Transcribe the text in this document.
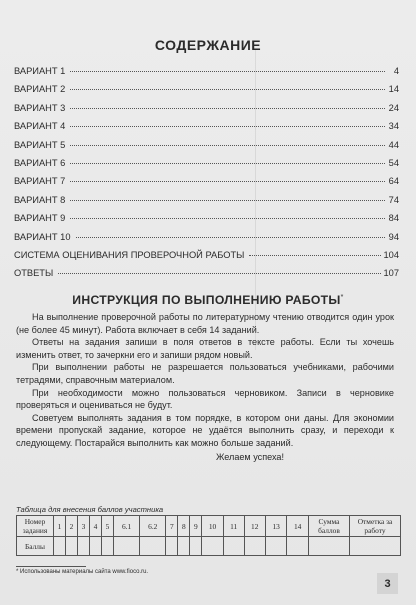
СОДЕРЖАНИЕ
ВАРИАНТ 1	4
ВАРИАНТ 2	14
ВАРИАНТ 3	24
ВАРИАНТ 4	34
ВАРИАНТ 5	44
ВАРИАНТ 6	54
ВАРИАНТ 7	64
ВАРИАНТ 8	74
ВАРИАНТ 9	84
ВАРИАНТ 10	94
СИСТЕМА ОЦЕНИВАНИЯ ПРОВЕРОЧНОЙ РАБОТЫ	104
ОТВЕТЫ	107
ИНСТРУКЦИЯ ПО ВЫПОЛНЕНИЮ РАБОТЫ*

На выполнение проверочной работы по литературному чтению отводится один урок (не более 45 минут). Работа включает в себя 14 заданий.

Ответы на задания запиши в поля ответов в тексте работы. Если ты хочешь изменить ответ, то зачеркни его и запиши рядом новый.

При выполнении работы не разрешается пользоваться учебниками, рабочими тетрадями, справочным материалом.

При необходимости можно пользоваться черновиком. Записи в черновике проверяться и оцениваться не будут.

Советуем выполнять задания в том порядке, в котором они даны. Для экономии времени пропускай задание, которое не удаётся выполнить сразу, и переходи к следующему. Постарайся выполнить как можно больше заданий.

Желаем успеха!

Таблица для внесения баллов участника
Номер задания	1	2	3	4	5	6.1	6.2	7	8	9	10	11	12	13	14	Сумма баллов	Отметка за работу
Баллы																	
* Использованы материалы сайта www.fioco.ru.
3
